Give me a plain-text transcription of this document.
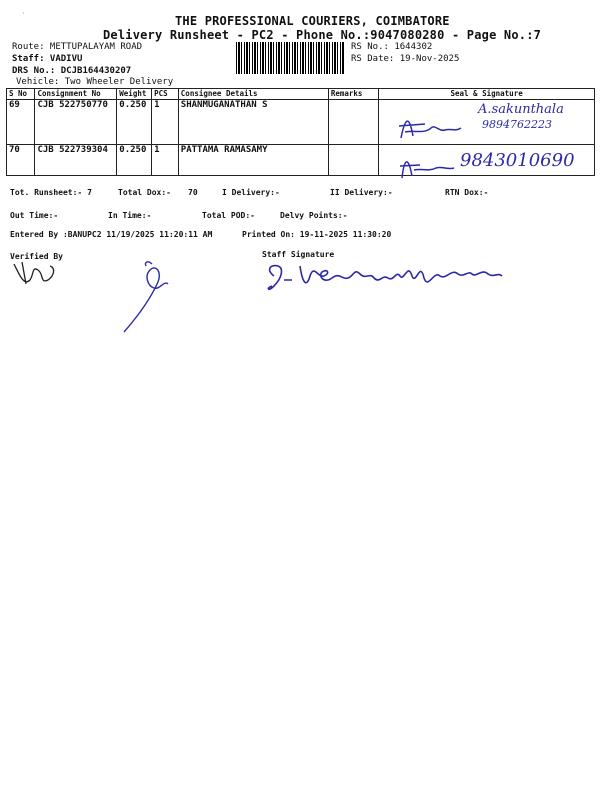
THE PROFESSIONAL COURIERS, COIMBATORE
Delivery Runsheet - PC2 - Phone No.:9047080280 - Page No.:7
Route: METTUPALAYAM ROAD
Staff: VADIVU
DRS No.: DCJB164430207
Vehicle: Two Wheeler Delivery
RS No.: 1644302
RS Date: 19-Nov-2025
S No	Consignment No	Weight	PCS	Consignee Details	Remarks	Seal & Signature
69	CJB 522750770	0.250	1	SHANMUGANATHAN S		
70	CJB 522739304	0.250	1	PATTAMA RAMASAMY		
A.sakunthala
9894762223
9843010690
Tot. Runsheet:- 7	Total Dox:- 70	I Delivery:-	II Delivery:-	RTN Dox:-
Out Time:-	In Time:-	Total POD:-	Delvy Points:-
Entered By :BANUPC2 11/19/2025 11:20:11 AM	Printed On: 19-11-2025 11:30:20
Verified By	Staff Signature
ˌ
